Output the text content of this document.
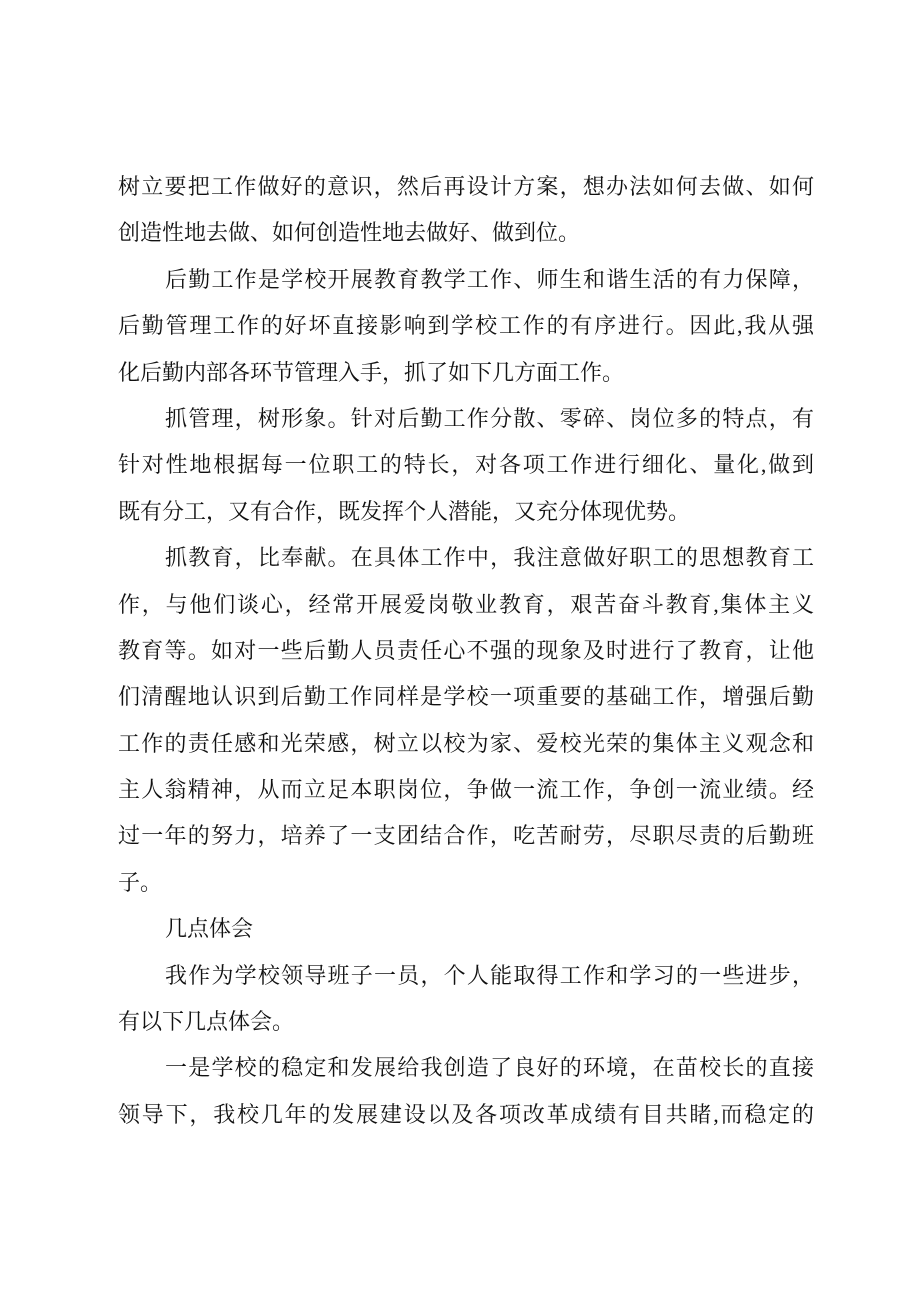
树立要把工作做好的意识，然后再设计方案，想办法如何去做、如何
创造性地去做、如何创造性地去做好、做到位。
后勤工作是学校开展教育教学工作、师生和谐生活的有力保障，
后勤管理工作的好坏直接影响到学校工作的有序进行。因此,我从强
化后勤内部各环节管理入手，抓了如下几方面工作。
抓管理，树形象。针对后勤工作分散、零碎、岗位多的特点，有
针对性地根据每一位职工的特长，对各项工作进行细化、量化,做到
既有分工，又有合作，既发挥个人潜能，又充分体现优势。
抓教育，比奉献。在具体工作中，我注意做好职工的思想教育工
作，与他们谈心，经常开展爱岗敬业教育，艰苦奋斗教育,集体主义
教育等。如对一些后勤人员责任心不强的现象及时进行了教育，让他
们清醒地认识到后勤工作同样是学校一项重要的基础工作，增强后勤
工作的责任感和光荣感，树立以校为家、爱校光荣的集体主义观念和
主人翁精神，从而立足本职岗位，争做一流工作，争创一流业绩。经
过一年的努力，培养了一支团结合作，吃苦耐劳，尽职尽责的后勤班
子。
几点体会
我作为学校领导班子一员，个人能取得工作和学习的一些进步，
有以下几点体会。
一是学校的稳定和发展给我创造了良好的环境，在苗校长的直接
领导下，我校几年的发展建设以及各项改革成绩有目共睹,而稳定的
